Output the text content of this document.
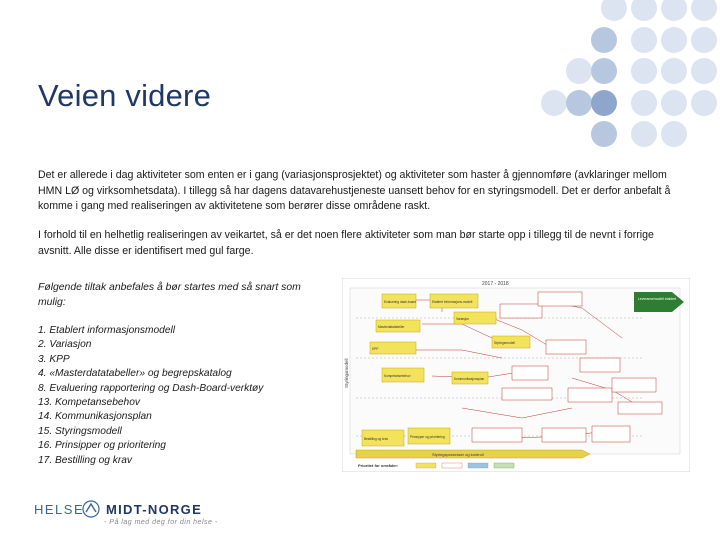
Veien videre
Det er allerede i dag aktiviteter som enten er i gang (variasjonsprosjektet) og aktiviteter som haster å gjennomføre (avklaringer mellom HMN LØ og virksomhetsdata). I tillegg så har dagens datavarehustjeneste uansett behov for en styringsmodell. Det er derfor anbefalt å komme i gang med realiseringen av aktivitetene som berører disse områdene raskt.
I forhold til en helhetlig realiseringen av veikartet, så er det noen flere aktiviteter som man bør starte opp i tillegg til de nevnt i forrige avsnitt. Alle disse er identifisert med gul farge.
Følgende tiltak anbefales å bør startes med så snart som mulig:
1. Etablert informasjonsmodell
2. Variasjon
3. KPP
4. «Masterdatatabeller» og begrepskatalog
8. Evaluering rapportering og Dash-Board-verktøy
13. Kompetansebehov
14. Kommunikasjonsplan
15. Styringsmodell
16. Prinsipper og prioritering
17. Bestilling og krav
2017 - 2018
Styringsmodell
Leveransemodell etablert
Evaluering dash-board	Etablert informasjons-modell
Masterdatatabeller
Variasjon
Styringsmodell
KPP
Kompetansebehov
Kommunikasjonsplan
Prinsipper og prioritering
Bestilling og krav
Styringsprosesser og kontroll
Prioritet for områder:
HELSE MIDT-NORGE
- På lag med deg for din helse -
